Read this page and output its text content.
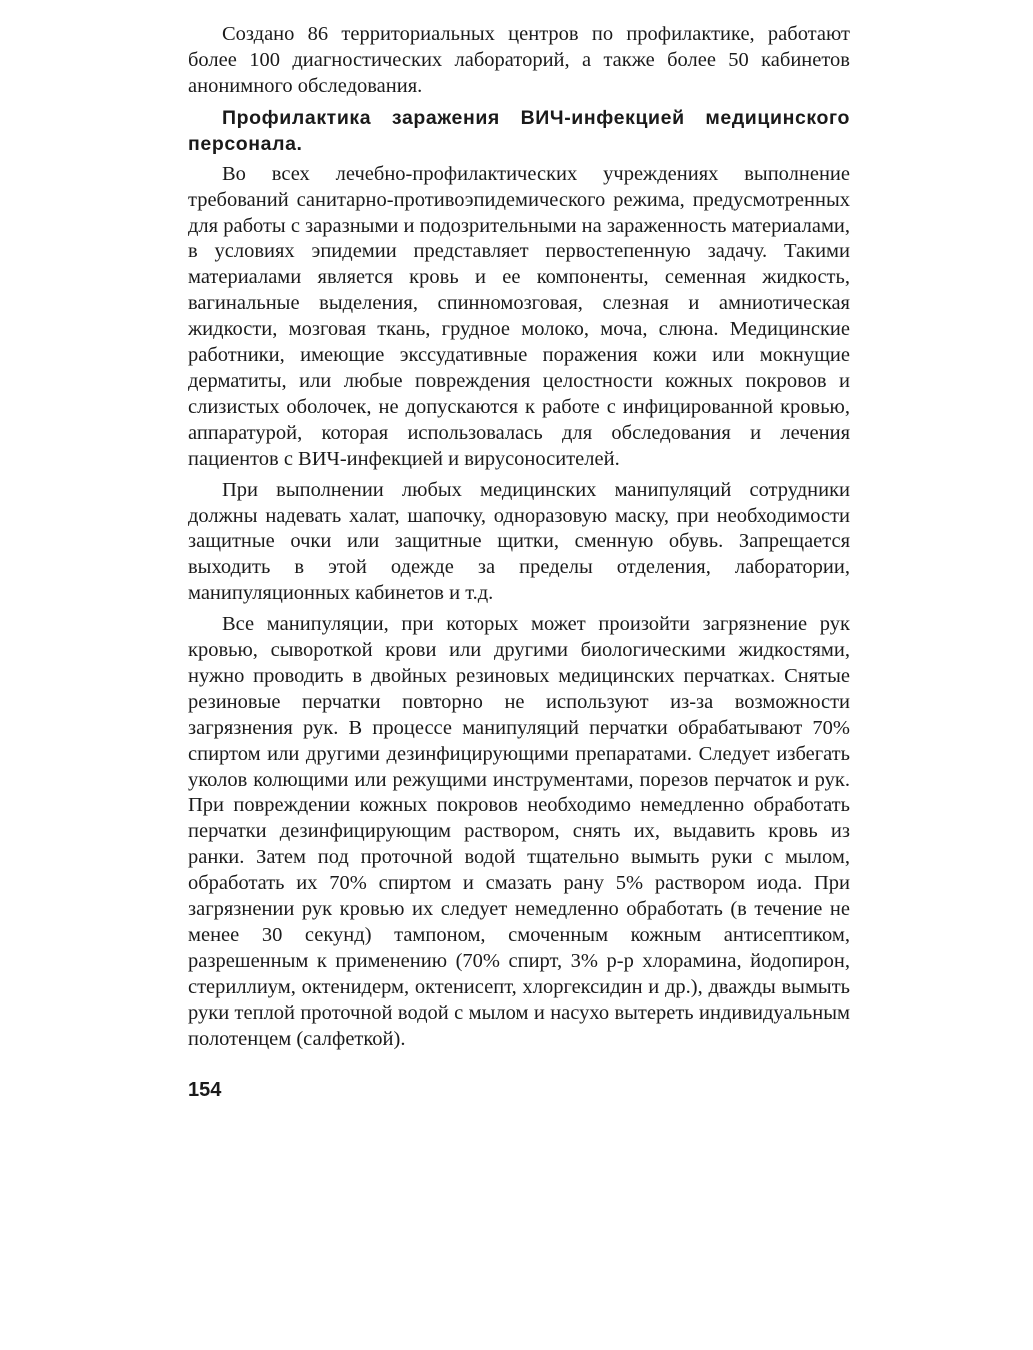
Создано 86 территориальных центров по профилактике, работают более 100 диагностических лабораторий, а также более 50 кабинетов анонимного обследования.

Профилактика заражения ВИЧ-инфекцией медицинского персонала.

Во всех лечебно-профилактических учреждениях выполнение требований санитарно-противоэпидемического режима, предусмотренных для работы с заразными и подозрительными на зараженность материалами, в условиях эпидемии представляет первостепенную задачу. Такими материалами является кровь и ее компоненты, семенная жидкость, вагинальные выделения, спинномозговая, слезная и амниотическая жидкости, мозговая ткань, грудное молоко, моча, слюна. Медицинские работники, имеющие экссудативные поражения кожи или мокнущие дерматиты, или любые повреждения целостности кожных покровов и слизистых оболочек, не допускаются к работе с инфицированной кровью, аппаратурой, которая использовалась для обследования и лечения пациентов с ВИЧ-инфекцией и вирусоносителей.

При выполнении любых медицинских манипуляций сотрудники должны надевать халат, шапочку, одноразовую маску, при необходимости защитные очки или защитные щитки, сменную обувь. Запрещается выходить в этой одежде за пределы отделения, лаборатории, манипуляционных кабинетов и т.д.

Все манипуляции, при которых может произойти загрязнение рук кровью, сывороткой крови или другими биологическими жидкостями, нужно проводить в двойных резиновых медицинских перчатках. Снятые резиновые перчатки повторно не используют из-за возможности загрязнения рук. В процессе манипуляций перчатки обрабатывают 70% спиртом или другими дезинфицирующими препаратами. Следует избегать уколов колющими или режущими инструментами, порезов перчаток и рук. При повреждении кожных покровов необходимо немедленно обработать перчатки дезинфицирующим раствором, снять их, выдавить кровь из ранки. Затем под проточной водой тщательно вымыть руки с мылом, обработать их 70% спиртом и смазать рану 5% раствором иода. При загрязнении рук кровью их следует немедленно обработать (в течение не менее 30 секунд) тампоном, смоченным кожным антисептиком, разрешенным к применению (70% спирт, 3% р-р хлорамина, йодопирон, стериллиум, октенидерм, октенисепт, хлоргексидин и др.), дважды вымыть руки теплой проточной водой с мылом и насухо вытереть индивидуальным полотенцем (салфеткой).

154
